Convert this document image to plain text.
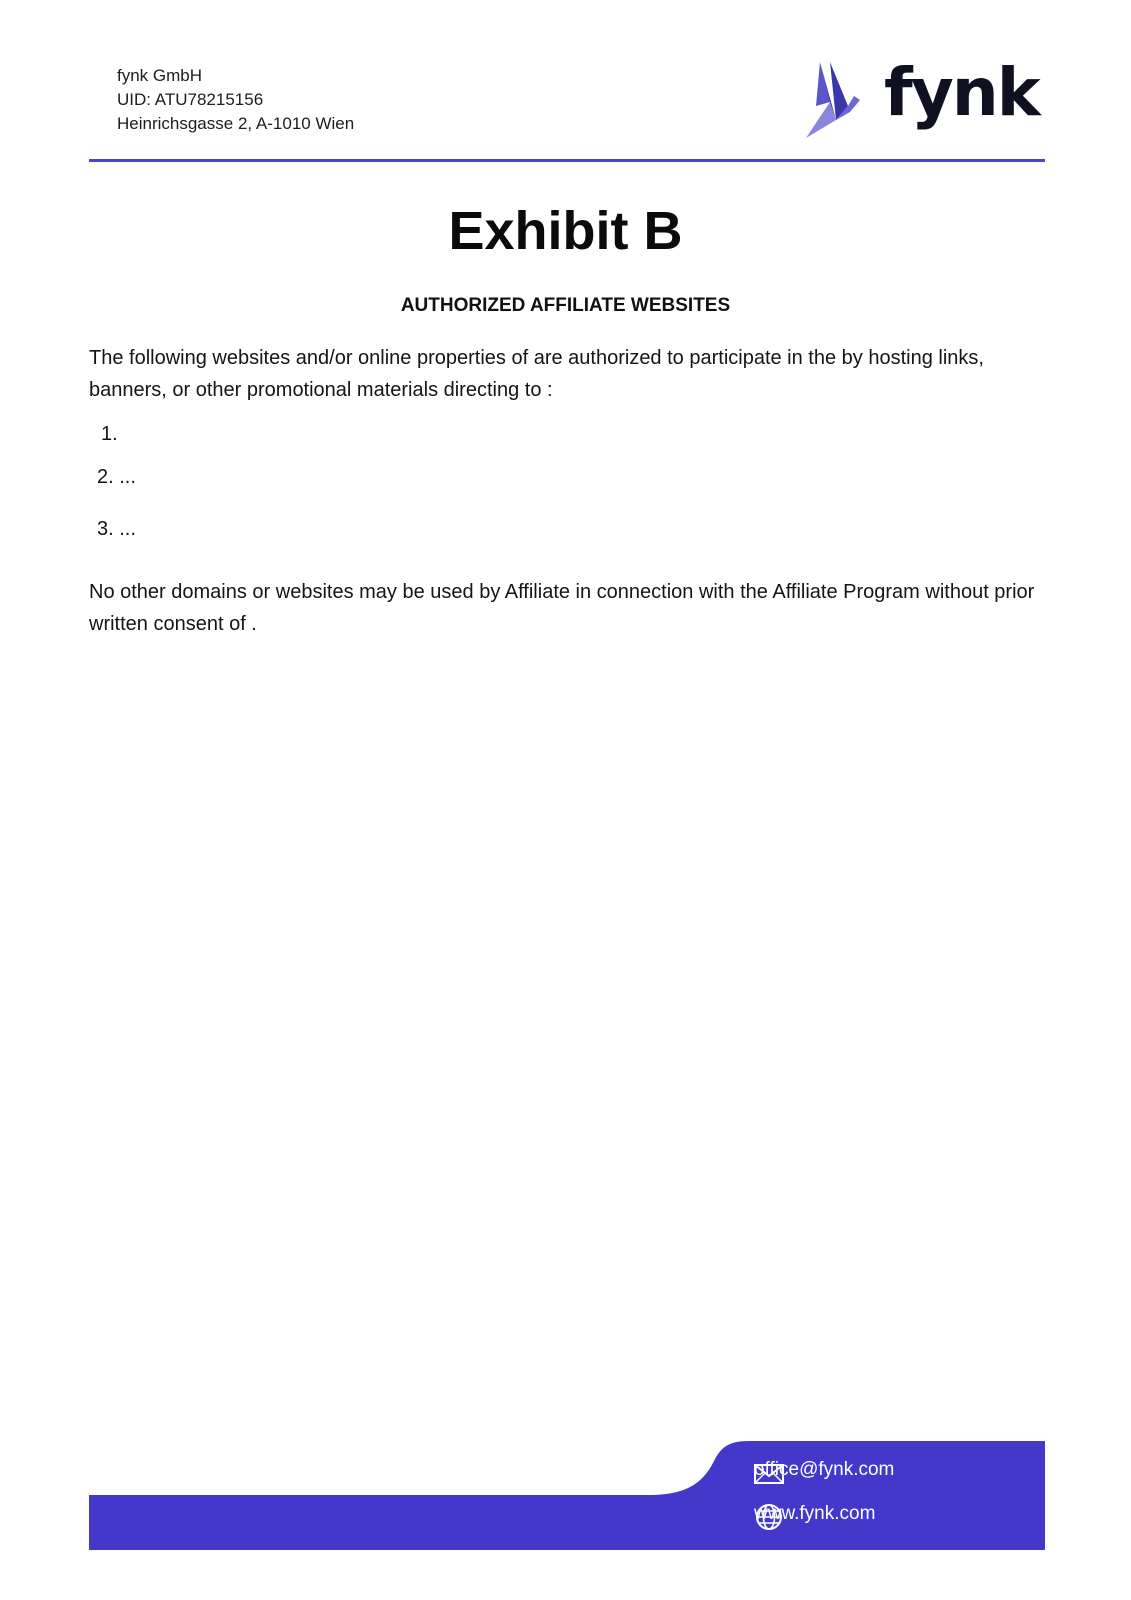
fynk GmbH
UID: ATU78215156
Heinrichsgasse 2, A-1010 Wien	fynk
Exhibit B
AUTHORIZED AFFILIATE WEBSITES

The following websites and/or online properties of are authorized to participate in the by hosting links, banners, or other promotional materials directing to :

1.
2. ...
3. ...

No other domains or websites may be used by Affiliate in connection with the Affiliate Program without prior written consent of .

office@fynk.com
www.fynk.com
